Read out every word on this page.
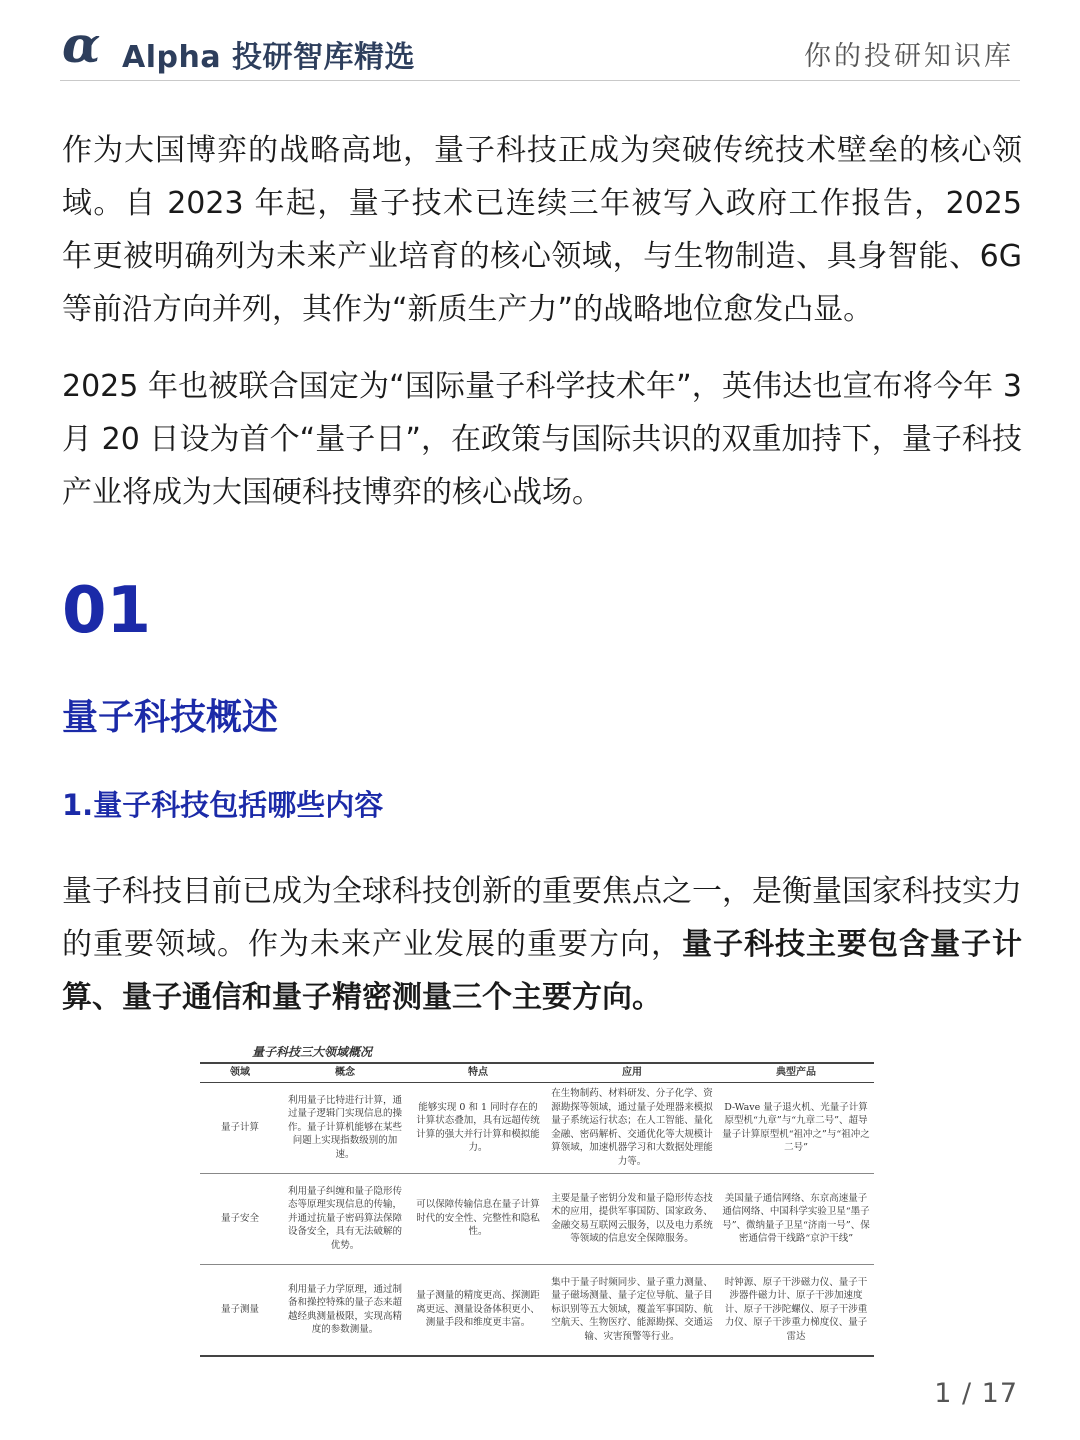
α Alpha 投研智库精选	你的投研知识库

作为大国博弈的战略高地，量子科技正成为突破传统技术壁垒的核心领域。自 2023 年起，量子技术已连续三年被写入政府工作报告，2025 年更被明确列为未来产业培育的核心领域，与生物制造、具身智能、6G 等前沿方向并列，其作为“新质生产力”的战略地位愈发凸显。

2025 年也被联合国定为“国际量子科学技术年”，英伟达也宣布将今年 3 月 20 日设为首个“量子日”，在政策与国际共识的双重加持下，量子科技产业将成为大国硬科技博弈的核心战场。

01
量子科技概述
1.量子科技包括哪些内容

量子科技目前已成为全球科技创新的重要焦点之一，是衡量国家科技实力的重要领域。作为未来产业发展的重要方向，量子科技主要包含量子计算、量子通信和量子精密测量三个主要方向。

量子科技三大领域概况
领域	概念	特点	应用	典型产品
量子计算	利用量子比特进行计算，通过量子逻辑门实现信息的操作。量子计算机能够在某些问题上实现指数级别的加速。	能够实现 0 和 1 同时存在的计算状态叠加，具有远超传统计算的强大并行计算和模拟能力。	在生物制药、材料研发、分子化学、资源勘探等领域，通过量子处理器来模拟量子系统运行状态；在人工智能、量化金融、密码解析、交通优化等大规模计算领域，加速机器学习和大数据处理能力等。	D-Wave 量子退火机、光量子计算原型机“九章”与“九章二号”、超导量子计算原型机“祖冲之”与“祖冲之二号”
量子安全	利用量子纠缠和量子隐形传态等原理实现信息的传输，并通过抗量子密码算法保障设备安全，具有无法破解的优势。	可以保障传输信息在量子计算时代的安全性、完整性和隐私性。	主要是量子密钥分发和量子隐形传态技术的应用，提供军事国防、国家政务、金融交易互联网云服务，以及电力系统等领域的信息安全保障服务。	美国量子通信网络、东京高速量子通信网络、中国科学实验卫星“墨子号”、微纳量子卫星“济南一号”、保密通信骨干线路“京沪干线”
量子测量	利用量子力学原理，通过制备和操控特殊的量子态来超越经典测量极限，实现高精度的参数测量。	量子测量的精度更高、探测距离更远、测量设备体积更小、测量手段和维度更丰富。	集中于量子时频同步、量子重力测量、量子磁场测量、量子定位导航、量子目标识别等五大领域，覆盖军事国防、航空航天、生物医疗、能源勘探、交通运输、灾害预警等行业。	时钟源、原子干涉磁力仪、量子干涉器件磁力计、原子干涉加速度计、原子干涉陀螺仪、原子干涉重力仪、原子干涉重力梯度仪、量子雷达
1 / 17
